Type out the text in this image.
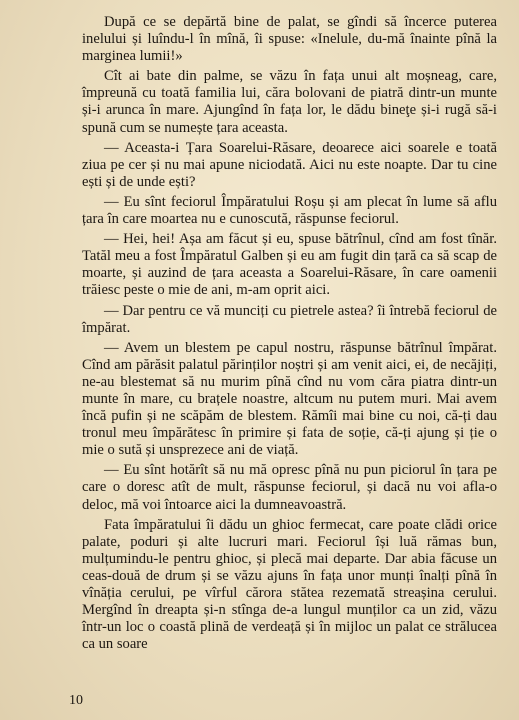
După ce se depărtă bine de palat, se gîndi să încerce puterea inelului și luîndu-l în mînă, îi spuse: «Inelule, du-mă înainte pînă la marginea lumii!»

Cît ai bate din palme, se văzu în fața unui alt moșneag, care, împreună cu toată familia lui, căra bolovani de piatră dintr-un munte și-i arunca în mare. Ajungînd în fața lor, le dădu bineţe și-i rugă să-i spună cum se numește țara aceasta.

— Aceasta-i Țara Soarelui-Răsare, deoarece aici soarele e toată ziua pe cer și nu mai apune niciodată. Aici nu este noapte. Dar tu cine ești și de unde ești?

— Eu sînt feciorul Împăratului Roșu și am plecat în lume să aflu țara în care moartea nu e cunoscută, răspunse feciorul.

— Hei, hei! Așa am făcut și eu, spuse bătrînul, cînd am fost tînăr. Tatăl meu a fost Împăratul Galben și eu am fugit din țară ca să scap de moarte, și auzind de țara aceasta a Soarelui-Răsare, în care oamenii trăiesc peste o mie de ani, m-am oprit aici.

— Dar pentru ce vă munciți cu pietrele astea? îi întrebă feciorul de împărat.

— Avem un blestem pe capul nostru, răspunse bătrînul împărat. Cînd am părăsit palatul părinților noștri și am venit aici, ei, de necăjiți, ne-au blestemat să nu murim pînă cînd nu vom căra piatra dintr-un munte în mare, cu brațele noastre, altcum nu putem muri. Mai avem încă pufin și ne scăpăm de blestem. Rămîi mai bine cu noi, că-ți dau tronul meu împărătesc în primire și fata de soție, că-ți ajung și ție o mie o sută și unsprezece ani de viață.

— Eu sînt hotărît să nu mă opresc pînă nu pun piciorul în țara pe care o doresc atît de mult, răspunse feciorul, și dacă nu voi afla-o deloc, mă voi întoarce aici la dumneavoastră.

Fata împăratului îi dădu un ghioc fermecat, care poate clădi orice palate, poduri și alte lucruri mari. Feciorul își luă rămas bun, mulțumindu-le pentru ghioc, și plecă mai departe. Dar abia făcuse un ceas-două de drum și se văzu ajuns în fața unor munți înalți pînă în vînăția cerului, pe vîrful cărora stătea rezemată streașina cerului. Mergînd în dreapta și-n stînga de-a lungul munților ca un zid, văzu într-un loc o coastă plină de verdeață și în mijloc un palat ce strălucea ca un soare

10
